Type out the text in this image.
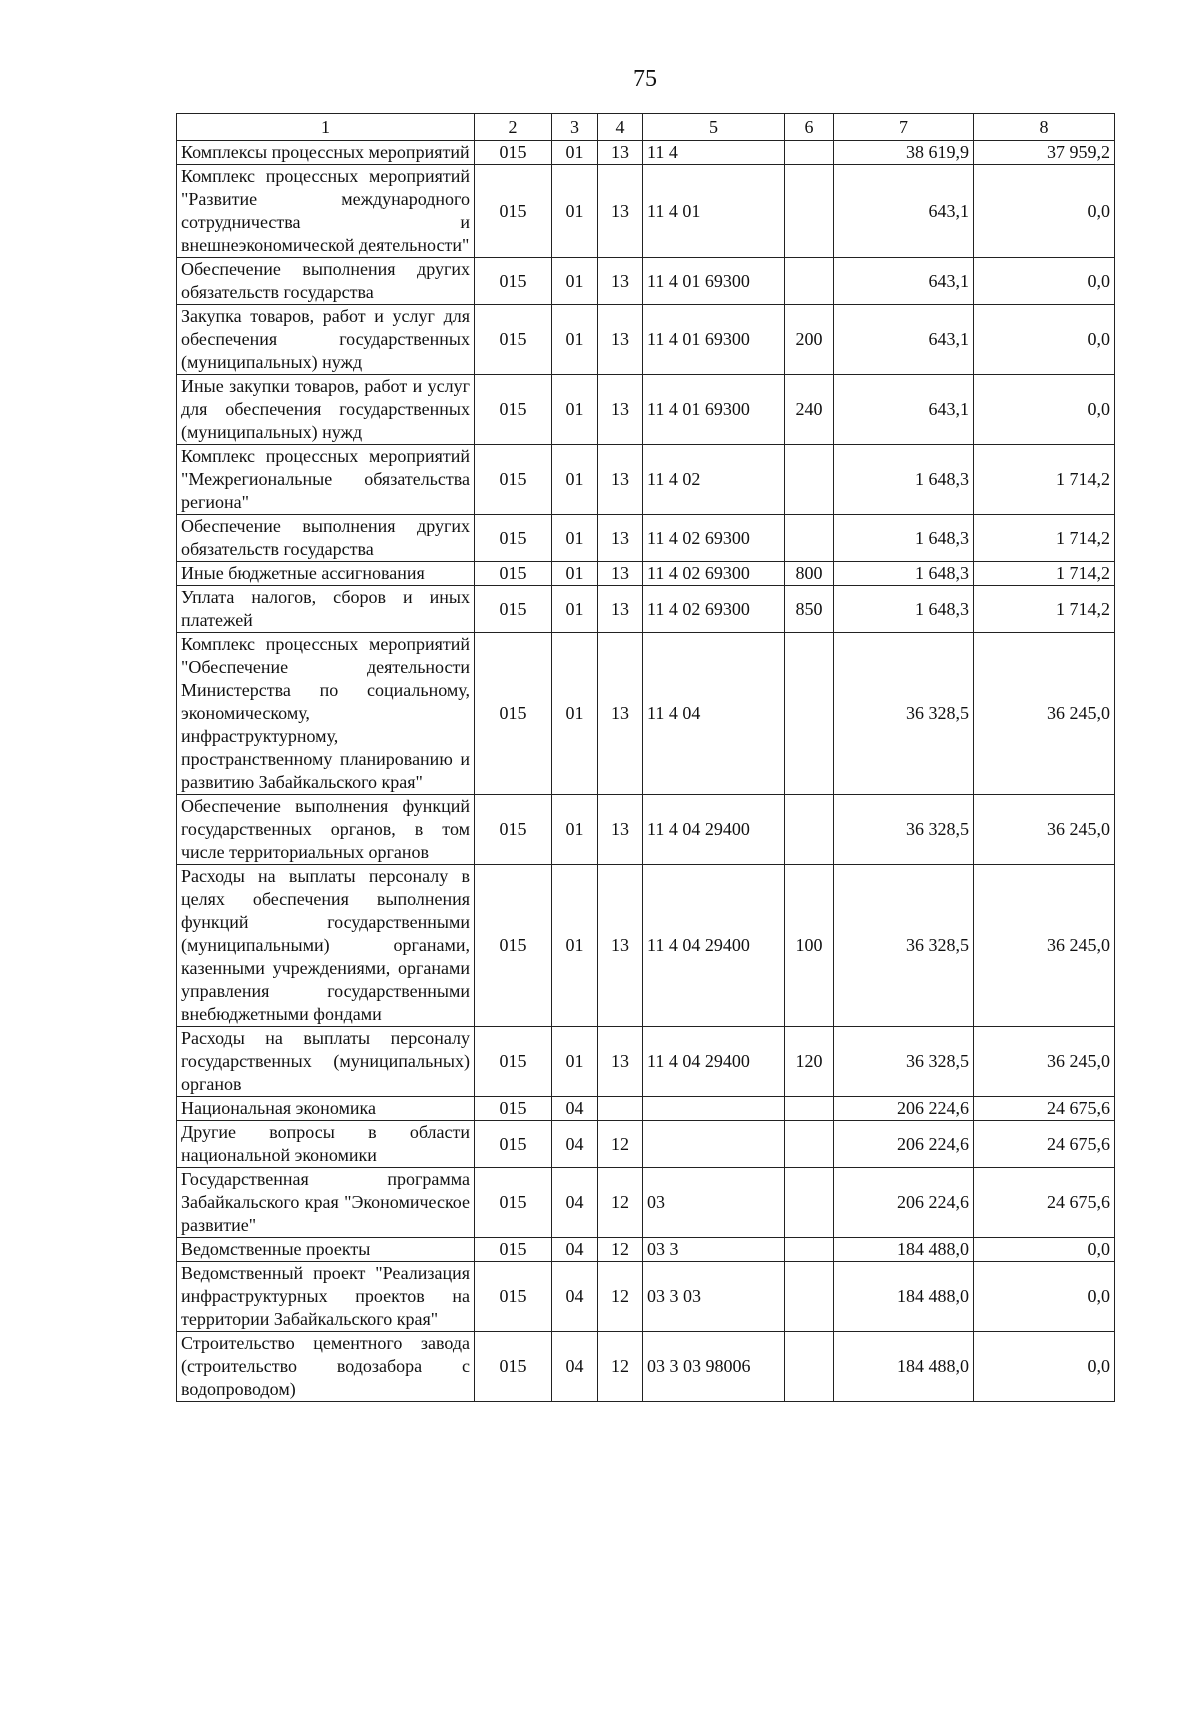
75
1	2	3	4	5	6	7	8
Комплексы процессных мероприятий	015	01	13	11 4		38 619,9	37 959,2
Комплекс процессных мероприятий "Развитие международного сотрудничества и внешнеэкономической деятельности"	015	01	13	11 4 01		643,1	0,0
Обеспечение выполнения других обязательств государства	015	01	13	11 4 01 69300		643,1	0,0
Закупка товаров, работ и услуг для обеспечения государственных (муниципальных) нужд	015	01	13	11 4 01 69300	200	643,1	0,0
Иные закупки товаров, работ и услуг для обеспечения государственных (муниципальных) нужд	015	01	13	11 4 01 69300	240	643,1	0,0
Комплекс процессных мероприятий "Межрегиональные обязательства региона"	015	01	13	11 4 02		1 648,3	1 714,2
Обеспечение выполнения других обязательств государства	015	01	13	11 4 02 69300		1 648,3	1 714,2
Иные бюджетные ассигнования	015	01	13	11 4 02 69300	800	1 648,3	1 714,2
Уплата налогов, сборов и иных платежей	015	01	13	11 4 02 69300	850	1 648,3	1 714,2
Комплекс процессных мероприятий "Обеспечение деятельности Министерства по социальному, экономическому, инфраструктурному, пространственному планированию и развитию Забайкальского края"	015	01	13	11 4 04		36 328,5	36 245,0
Обеспечение выполнения функций государственных органов, в том числе территориальных органов	015	01	13	11 4 04 29400		36 328,5	36 245,0
Расходы на выплаты персоналу в целях обеспечения выполнения функций государственными (муниципальными) органами, казенными учреждениями, органами управления государственными внебюджетными фондами	015	01	13	11 4 04 29400	100	36 328,5	36 245,0
Расходы на выплаты персоналу государственных (муниципальных) органов	015	01	13	11 4 04 29400	120	36 328,5	36 245,0
Национальная экономика	015	04				206 224,6	24 675,6
Другие вопросы в области национальной экономики	015	04	12			206 224,6	24 675,6
Государственная программа Забайкальского края "Экономическое развитие"	015	04	12	03		206 224,6	24 675,6
Ведомственные проекты	015	04	12	03 3		184 488,0	0,0
Ведомственный проект "Реализация инфраструктурных проектов на территории Забайкальского края"	015	04	12	03 3 03		184 488,0	0,0
Строительство цементного завода (строительство водозабора с водопроводом)	015	04	12	03 3 03 98006		184 488,0	0,0
